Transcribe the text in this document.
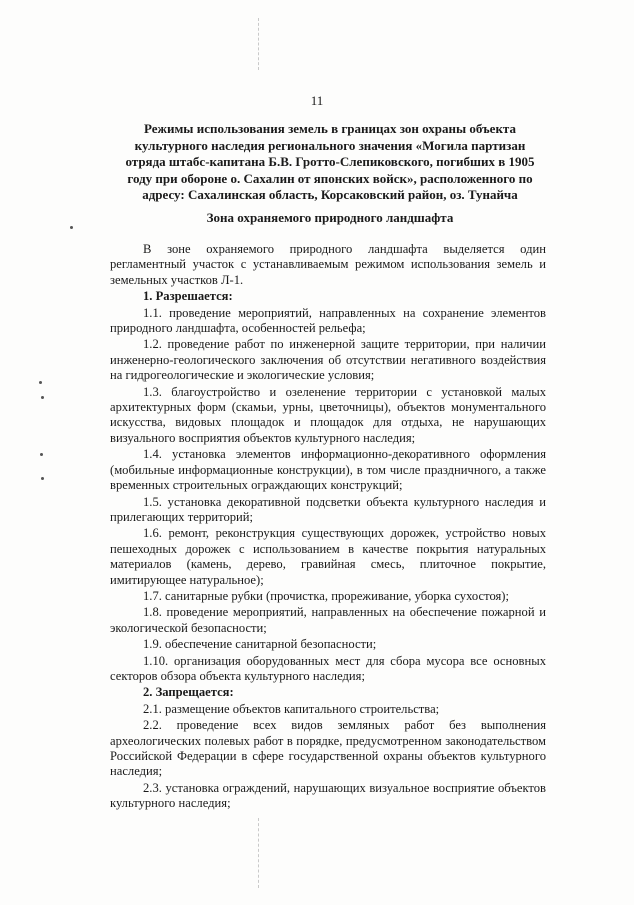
11
Режимы использования земель в границах зон охраны объекта
культурного наследия регионального значения «Могила партизан
отряда штабс-капитана Б.В. Гротто-Слепиковского, погибших в 1905
году при обороне о. Сахалин от японских войск», расположенного по
адресу: Сахалинская область, Корсаковский район, оз. Тунайча
Зона охраняемого природного ландшафта

В зоне охраняемого природного ландшафта выделяется один регламентный участок с устанавливаемым режимом использования земель и земельных участков Л-1.

1. Разрешается:

1.1. проведение мероприятий, направленных на сохранение элементов природного ландшафта, особенностей рельефа;

1.2. проведение работ по инженерной защите территории, при наличии инженерно-геологического заключения об отсутствии негативного воздействия на гидрогеологические и экологические условия;

1.3. благоустройство и озеленение территории с установкой малых архитектурных форм (скамьи, урны, цветочницы), объектов монументального искусства, видовых площадок и площадок для отдыха, не нарушающих визуального восприятия объектов культурного наследия;

1.4. установка элементов информационно-декоративного оформления (мобильные информационные конструкции), в том числе праздничного, а также временных строительных ограждающих конструкций;

1.5. установка декоративной подсветки объекта культурного наследия и прилегающих территорий;

1.6. ремонт, реконструкция существующих дорожек, устройство новых пешеходных дорожек с использованием в качестве покрытия натуральных материалов (камень, дерево, гравийная смесь, плиточное покрытие, имитирующее натуральное);

1.7. санитарные рубки (прочистка, прореживание, уборка сухостоя);

1.8. проведение мероприятий, направленных на обеспечение пожарной и экологической безопасности;

1.9. обеспечение санитарной безопасности;

1.10. организация оборудованных мест для сбора мусора все основных секторов обзора объекта культурного наследия;

2. Запрещается:

2.1. размещение объектов капитального строительства;

2.2. проведение всех видов земляных работ без выполнения археологических полевых работ в порядке, предусмотренном законодательством Российской Федерации в сфере государственной охраны объектов культурного наследия;

2.3. установка ограждений, нарушающих визуальное восприятие объектов культурного наследия;
